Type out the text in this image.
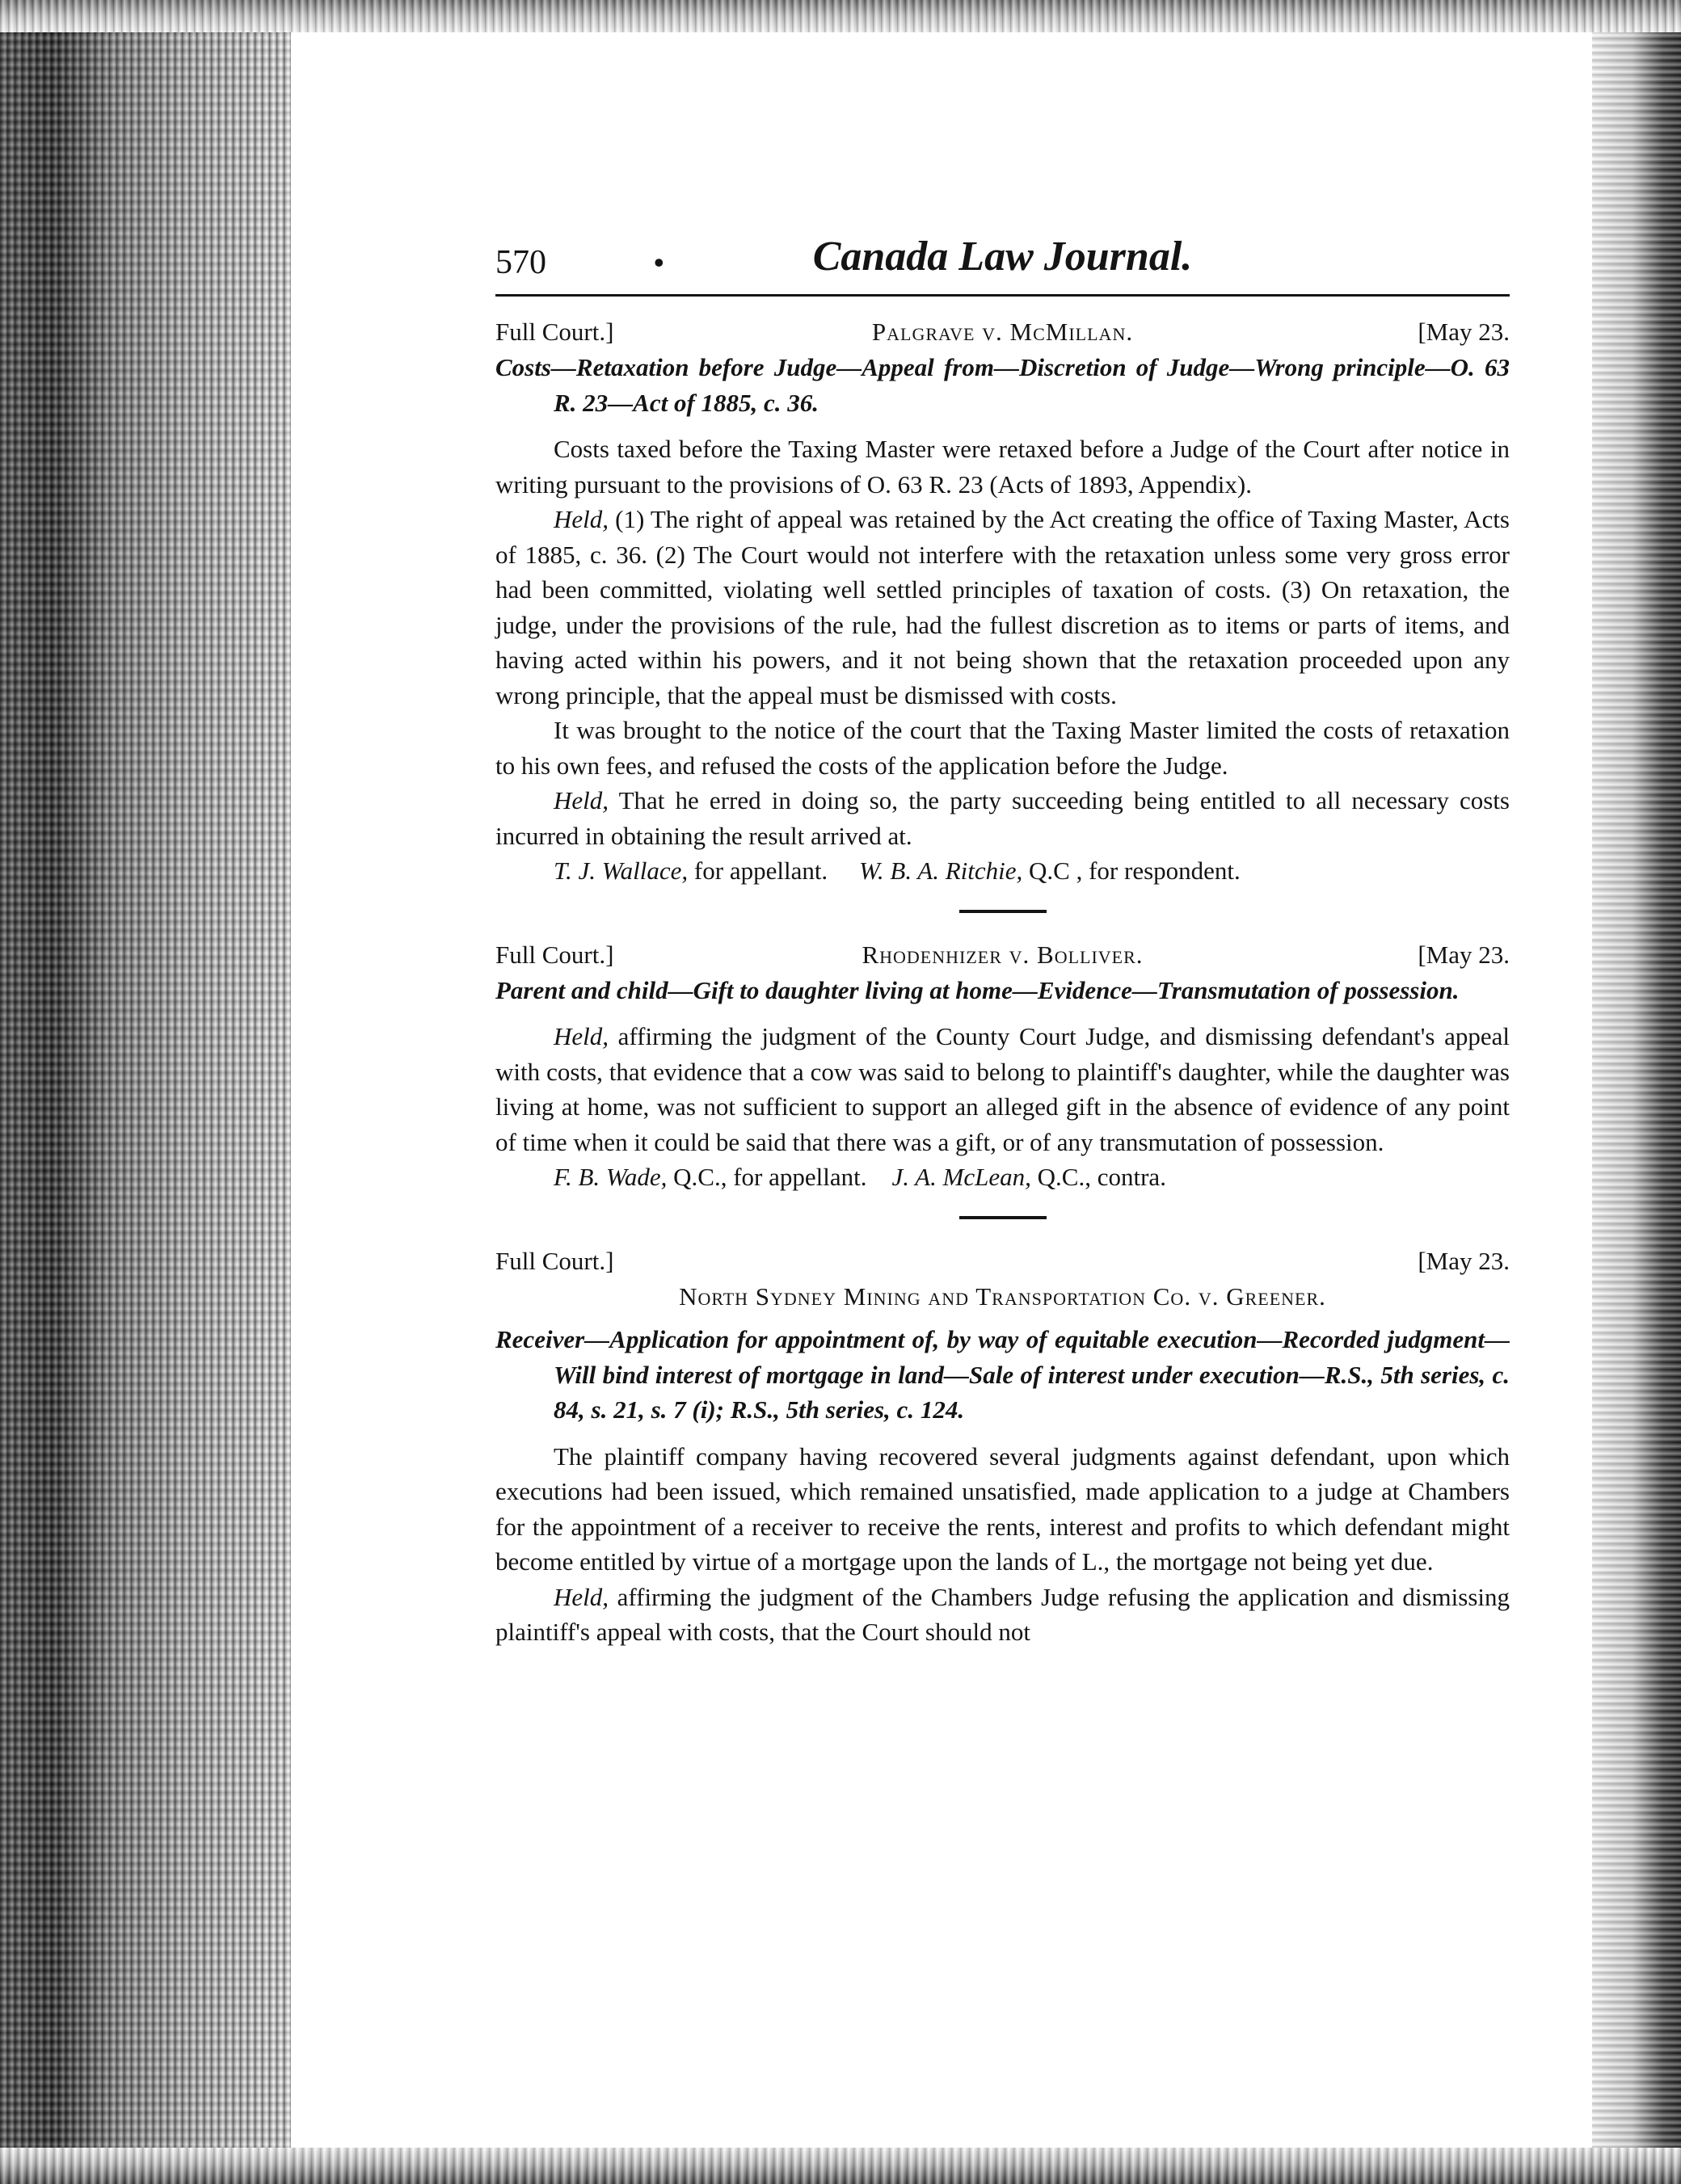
570	•	Canada Law Journal.
Full Court.]	Palgrave v. McMillan.	[May 23.

Costs—Retaxation before Judge—Appeal from—Discretion of Judge—Wrong principle—O. 63 R. 23—Act of 1885, c. 36.

Costs taxed before the Taxing Master were retaxed before a Judge of the Court after notice in writing pursuant to the provisions of O. 63 R. 23 (Acts of 1893, Appendix).

Held, (1) The right of appeal was retained by the Act creating the office of Taxing Master, Acts of 1885, c. 36. (2) The Court would not interfere with the retaxation unless some very gross error had been committed, violating well settled principles of taxation of costs. (3) On retaxation, the judge, under the provisions of the rule, had the fullest discretion as to items or parts of items, and having acted within his powers, and it not being shown that the retaxation proceeded upon any wrong principle, that the appeal must be dismissed with costs.

It was brought to the notice of the court that the Taxing Master limited the costs of retaxation to his own fees, and refused the costs of the application before the Judge.

Held, That he erred in doing so, the party succeeding being entitled to all necessary costs incurred in obtaining the result arrived at.

T. J. Wallace, for appellant. W. B. A. Ritchie, Q.C , for respondent.

Full Court.]	Rhodenhizer v. Bolliver.	[May 23.

Parent and child—Gift to daughter living at home—Evidence—Transmutation of possession.

Held, affirming the judgment of the County Court Judge, and dismissing defendant's appeal with costs, that evidence that a cow was said to belong to plaintiff's daughter, while the daughter was living at home, was not sufficient to support an alleged gift in the absence of evidence of any point of time when it could be said that there was a gift, or of any transmutation of possession.

F. B. Wade, Q.C., for appellant. J. A. McLean, Q.C., contra.

Full Court.]	[May 23.
North Sydney Mining and Transportation Co. v. Greener.

Receiver—Application for appointment of, by way of equitable execution—Recorded judgment—Will bind interest of mortgage in land—Sale of interest under execution—R.S., 5th series, c. 84, s. 21, s. 7 (i); R.S., 5th series, c. 124.

The plaintiff company having recovered several judgments against defendant, upon which executions had been issued, which remained unsatisfied, made application to a judge at Chambers for the appointment of a receiver to receive the rents, interest and profits to which defendant might become entitled by virtue of a mortgage upon the lands of L., the mortgage not being yet due.

Held, affirming the judgment of the Chambers Judge refusing the application and dismissing plaintiff's appeal with costs, that the Court should not
